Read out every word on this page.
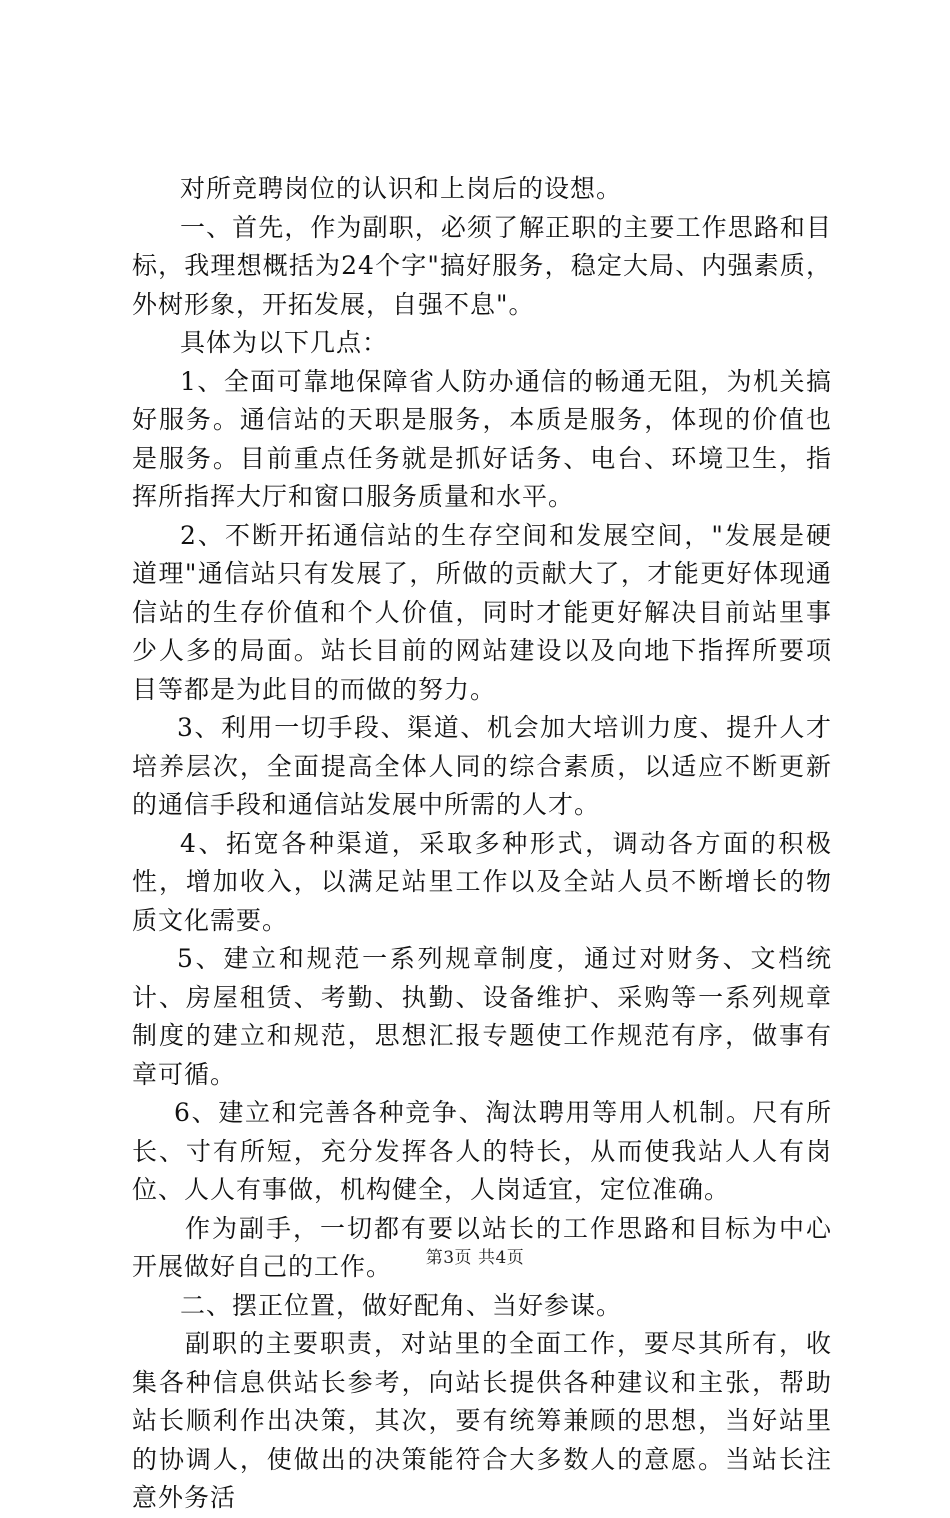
对所竞聘岗位的认识和上岗后的设想。

一、首先，作为副职，必须了解正职的主要工作思路和目标，我理想概括为24个字"搞好服务，稳定大局、内强素质，外树形象，开拓发展，自强不息"。

具体为以下几点：

1、全面可靠地保障省人防办通信的畅通无阻，为机关搞好服务。通信站的天职是服务，本质是服务，体现的价值也是服务。目前重点任务就是抓好话务、电台、环境卫生，指挥所指挥大厅和窗口服务质量和水平。

2、不断开拓通信站的生存空间和发展空间，"发展是硬道理"通信站只有发展了，所做的贡献大了，才能更好体现通信站的生存价值和个人价值，同时才能更好解决目前站里事少人多的局面。站长目前的网站建设以及向地下指挥所要项目等都是为此目的而做的努力。

3、利用一切手段、渠道、机会加大培训力度、提升人才培养层次，全面提高全体人同的综合素质，以适应不断更新的通信手段和通信站发展中所需的人才。

4、拓宽各种渠道，采取多种形式，调动各方面的积极性，增加收入，以满足站里工作以及全站人员不断增长的物质文化需要。

5、建立和规范一系列规章制度，通过对财务、文档统计、房屋租赁、考勤、执勤、设备维护、采购等一系列规章制度的建立和规范，思想汇报专题使工作规范有序，做事有章可循。

6、建立和完善各种竞争、淘汰聘用等用人机制。尺有所长、寸有所短，充分发挥各人的特长，从而使我站人人有岗位、人人有事做，机构健全，人岗适宜，定位准确。

作为副手，一切都有要以站长的工作思路和目标为中心开展做好自己的工作。

二、摆正位置，做好配角、当好参谋。

副职的主要职责，对站里的全面工作，要尽其所有，收集各种信息供站长参考，向站长提供各种建议和主张，帮助站长顺利作出决策，其次，要有统筹兼顾的思想，当好站里的协调人，使做出的决策能符合大多数人的意愿。当站长注意外务活

第3页 共4页
